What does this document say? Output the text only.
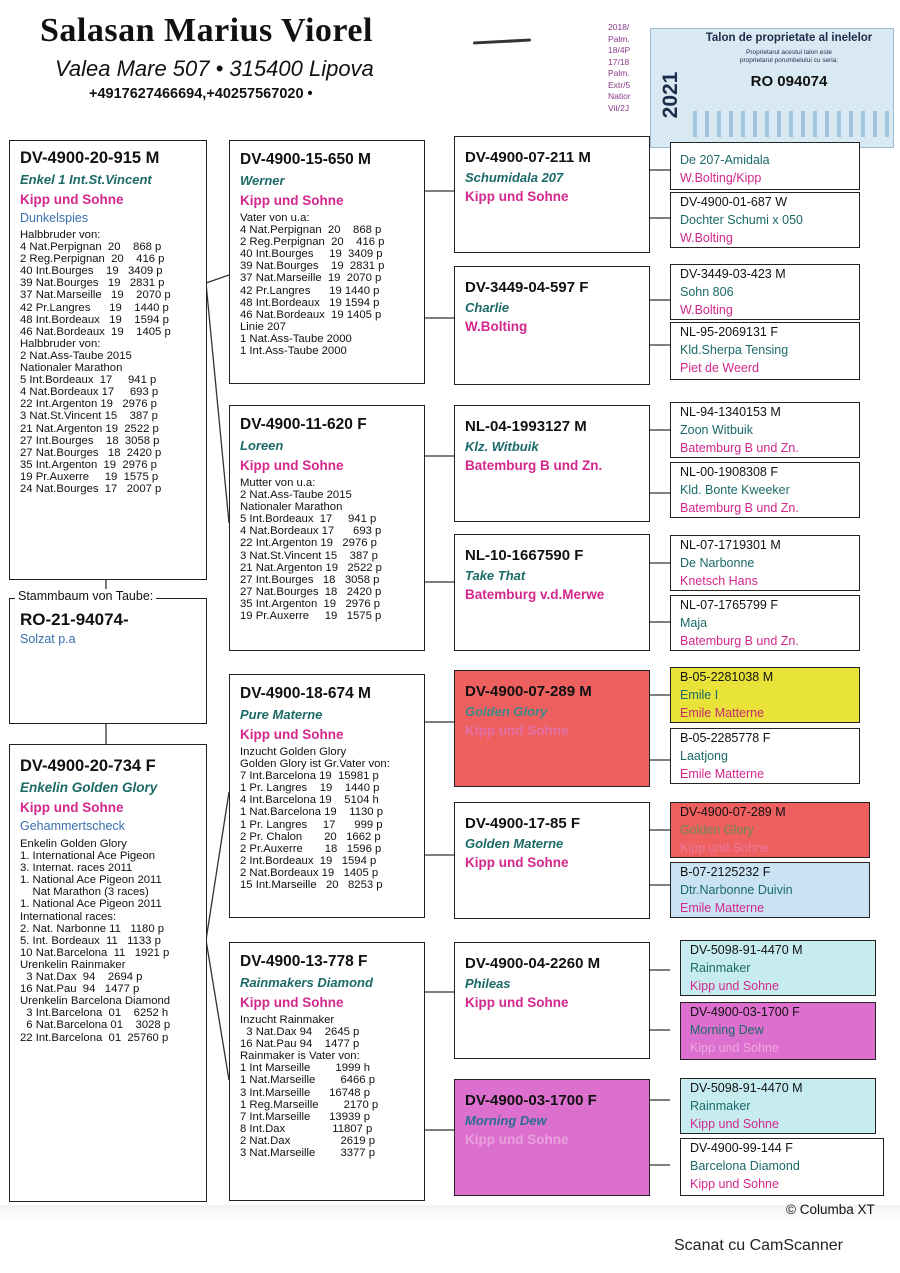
Salasan Marius Viorel
Valea Mare 507 • 315400 Lipova
+4917627466694,+40257567020 •
2018/
Palm.
18/4P
17/18
Palm.
Extr/5
Natior
Vit/2J	2021
Talon de proprietate al inelelor
Proprietarul acestui talon este
proprietarul porumbelului cu seria:
RO 094074
DV-4900-20-915 M
Enkel 1 Int.St.Vincent
Kipp und Sohne
Dunkelspies
Halbbruder von:
4 Nat.Perpignan  20    868 p
2 Reg.Perpignan  20    416 p
40 Int.Bourges    19   3409 p
39 Nat.Bourges   19   2831 p
37 Nat.Marseille   19    2070 p
42 Pr.Langres      19    1440 p
48 Int.Bordeaux   19    1594 p
46 Nat.Bordeaux  19    1405 p
Halbbruder von:
2 Nat.Ass-Taube 2015
Nationaler Marathon
5 Int.Bordeaux  17     941 p
4 Nat.Bordeaux 17     693 p
22 Int.Argenton 19   2976 p
3 Nat.St.Vincent 15    387 p
21 Nat.Argenton 19  2522 p
27 Int.Bourges    18  3058 p
27 Nat.Bourges   18  2420 p
35 Int.Argenton  19  2976 p
19 Pr.Auxerre     19  1575 p
24 Nat.Bourges  17   2007 p
Stammbaum von Taube:
RO-21-94074-
Solzat p.a
DV-4900-20-734 F
Enkelin Golden Glory
Kipp und Sohne
Gehammertscheck
Enkelin Golden Glory
1. International Ace Pigeon
3. Internat. races 2011
1. National Ace Pigeon 2011
Nat Marathon (3 races)
1. National Ace Pigeon 2011
International races:
2. Nat. Narbonne 11   1180 p
5. Int. Bordeaux  11   1133 p
10 Nat.Barcelona  11   1921 p
Urenkelin Rainmaker
3 Nat.Dax  94    2694 p
16 Nat.Pau  94   1477 p
Urenkelin Barcelona Diamond
3 Int.Barcelona  01    6252 h
6 Nat.Barcelona 01    3028 p
22 Int.Barcelona  01  25760 p
DV-4900-15-650 M
Werner
Kipp und Sohne
Vater von u.a:
4 Nat.Perpignan  20    868 p
2 Reg.Perpignan  20    416 p
40 Int.Bourges     19  3409 p
39 Nat.Bourges    19  2831 p
37 Nat.Marseille  19  2070 p
42 Pr.Langres      19 1440 p
48 Int.Bordeaux   19 1594 p
46 Nat.Bordeaux  19 1405 p
Linie 207
1 Nat.Ass-Taube 2000
1 Int.Ass-Taube 2000
DV-4900-11-620 F
Loreen
Kipp und Sohne
Mutter von u.a:
2 Nat.Ass-Taube 2015
Nationaler Marathon
5 Int.Bordeaux  17     941 p
4 Nat.Bordeaux 17      693 p
22 Int.Argenton 19   2976 p
3 Nat.St.Vincent 15    387 p
21 Nat.Argenton 19   2522 p
27 Int.Bourges   18   3058 p
27 Nat.Bourges  18   2420 p
35 Int.Argenton  19   2976 p
19 Pr.Auxerre     19   1575 p
DV-4900-18-674 M
Pure Materne
Kipp und Sohne
Inzucht Golden Glory
Golden Glory ist Gr.Vater von:
7 Int.Barcelona 19  15981 p
1 Pr. Langres    19    1440 p
4 Int.Barcelona 19    5104 h
1 Nat.Barcelona 19    1130 p
1 Pr. Langres     17      999 p
2 Pr. Chalon       20   1662 p
2 Pr.Auxerre       18   1596 p
2 Int.Bordeaux  19   1594 p
2 Nat.Bordeaux 19   1405 p
15 Int.Marseille   20   8253 p
DV-4900-13-778 F
Rainmakers Diamond
Kipp und Sohne
Inzucht Rainmaker
3 Nat.Dax 94    2645 p
16 Nat.Pau 94    1477 p
Rainmaker is Vater von:
1 Int Marseille        1999 h
1 Nat.Marseille        6466 p
3 Int.Marseille      16748 p
1 Reg.Marseille        2170 p
7 Int.Marseille      13939 p
8 Int.Dax               11807 p
2 Nat.Dax                2619 p
3 Nat.Marseille        3377 p
DV-4900-07-211 M
Schumidala 207
Kipp und Sohne
DV-3449-04-597 F
Charlie
W.Bolting
NL-04-1993127 M
Klz. Witbuik
Batemburg B und Zn.
NL-10-1667590 F
Take That
Batemburg v.d.Merwe
DV-4900-07-289 M
Golden Glory
Kipp und Sohne
DV-4900-17-85 F
Golden Materne
Kipp und Sohne
DV-4900-04-2260 M
Phileas
Kipp und Sohne
DV-4900-03-1700 F
Morning Dew
Kipp und Sohne
De 207-Amidala
W.Bolting/Kipp
DV-4900-01-687 W
Dochter Schumi x 050
W.Bolting
DV-3449-03-423 M
Sohn 806
W.Bolting
NL-95-2069131 F
Kld.Sherpa Tensing
Piet de Weerd
NL-94-1340153 M
Zoon Witbuik
Batemburg B und Zn.
NL-00-1908308 F
Kld. Bonte Kweeker
Batemburg B und Zn.
NL-07-1719301 M
De Narbonne
Knetsch Hans
NL-07-1765799 F
Maja
Batemburg B und Zn.
B-05-2281038 M
Emile I
Emile Matterne
B-05-2285778 F
Laatjong
Emile Matterne
DV-4900-07-289 M
Golden Glory
Kipp und Sohne
B-07-2125232 F
Dtr.Narbonne Duivin
Emile Matterne
DV-5098-91-4470 M
Rainmaker
Kipp und Sohne
DV-4900-03-1700 F
Morning Dew
Kipp und Sohne
DV-5098-91-4470 M
Rainmaker
Kipp und Sohne
DV-4900-99-144 F
Barcelona Diamond
Kipp und Sohne
© Columba XT
Scanat cu CamScanner
